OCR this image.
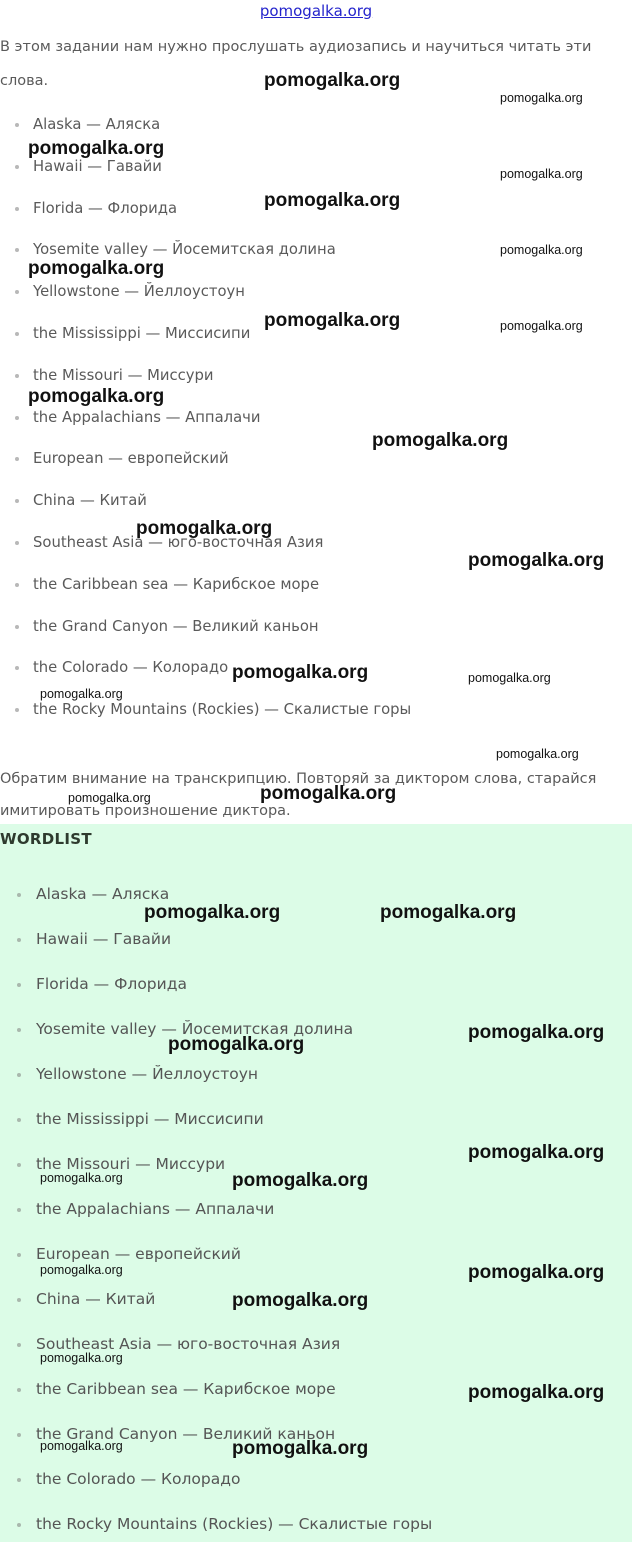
pomogalka.org

В этом задании нам нужно прослушать аудиозапись и научиться читать эти слова.

Alaska — Аляска
Hawaii — Гавайи
Florida — Флорида
Yosemite valley — Йосемитская долина
Yellowstone — Йеллоустоун
the Mississippi — Миссисипи
the Missouri — Миссури
the Appalachians — Аппалачи
European — европейский
China — Китай
Southeast Asia — юго-восточная Азия
the Caribbean sea — Карибское море
the Grand Canyon — Великий каньон
the Colorado — Колорадо
the Rocky Mountains (Rockies) — Скалистые горы

Обратим внимание на транскрипцию. Повторяй за диктором слова, старайся имитировать произношение диктора.

WORDLIST
Alaska — Аляска
Hawaii — Гавайи
Florida — Флорида
Yosemite valley — Йосемитская долина
Yellowstone — Йеллоустоун
the Mississippi — Миссисипи
the Missouri — Миссури
the Appalachians — Аппалачи
European — европейский
China — Китай
Southeast Asia — юго-восточная Азия
the Caribbean sea — Карибское море
the Grand Canyon — Великий каньон
the Colorado — Колорадо
the Rocky Mountains (Rockies) — Скалистые горы
pomogalka.org
pomogalka.org
pomogalka.org
pomogalka.org
pomogalka.org
pomogalka.org
pomogalka.org
pomogalka.org	pomogalka.org
pomogalka.org
pomogalka.org
pomogalka.org
pomogalka.org
pomogalka.org	pomogalka.org
pomogalka.org
pomogalka.org
pomogalka.org
pomogalka.org
pomogalka.org	pomogalka.org
pomogalka.org
pomogalka.org
pomogalka.org
pomogalka.org	pomogalka.org
pomogalka.org	pomogalka.org
pomogalka.org
pomogalka.org
pomogalka.org
pomogalka.org	pomogalka.org
